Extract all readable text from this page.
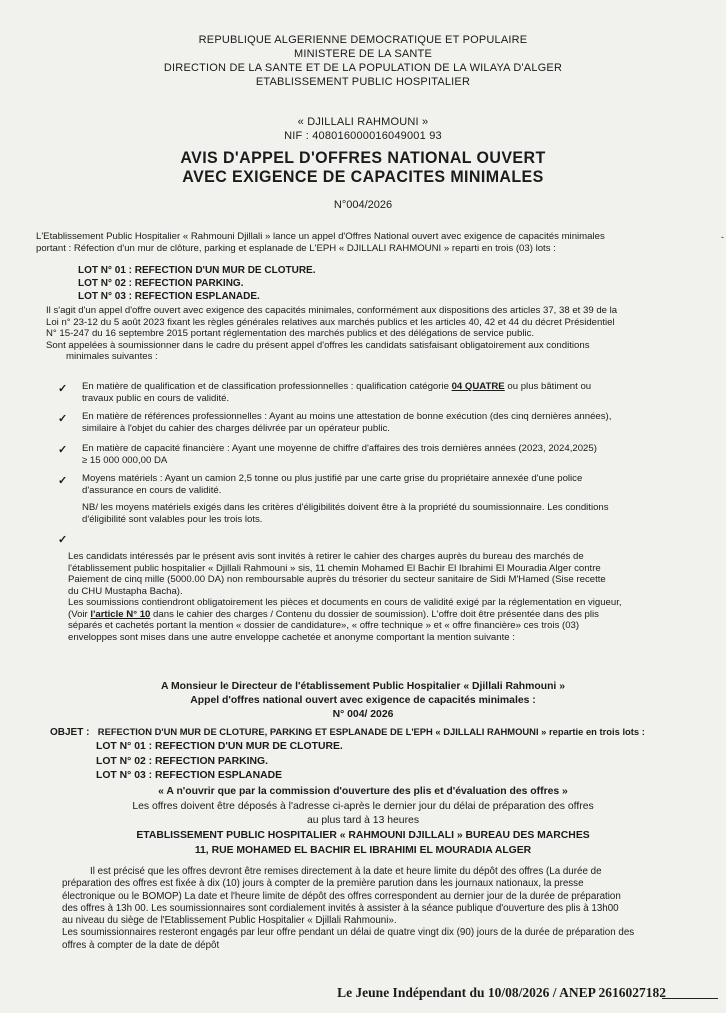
REPUBLIQUE ALGERIENNE DEMOCRATIQUE ET POPULAIRE
MINISTERE DE LA SANTE
DIRECTION DE LA SANTE ET DE LA POPULATION DE LA WILAYA D'ALGER
ETABLISSEMENT PUBLIC HOSPITALIER
« DJILLALI RAHMOUNI »
NIF : 408016000016049001 93
AVIS D'APPEL D'OFFRES NATIONAL OUVERT
AVEC EXIGENCE DE CAPACITES MINIMALES
N°004/2026
-
L'Etablissement Public Hospitalier « Rahmouni Djillali » lance un appel d'Offres National ouvert avec exigence de capacités minimales
portant : Réfection d'un mur de clôture, parking et esplanade de L'EPH « DJILLALI RAHMOUNI » reparti en trois (03) lots :
LOT N° 01 : REFECTION D'UN MUR DE CLOTURE.
LOT N° 02 : REFECTION PARKING.
LOT N° 03 : REFECTION ESPLANADE.
Il s'agit d'un appel d'offre ouvert avec exigence des capacités minimales, conformément aux dispositions des articles 37, 38 et 39 de la
Loi n° 23-12 du 5 août 2023 fixant les règles générales relatives aux marchés publics et les articles 40, 42 et 44 du décret Présidentiel
N° 15-247 du 16 septembre 2015 portant réglementation des marchés publics et des délégations de service public.
Sont appelées à soumissionner dans le cadre du présent appel d'offres les candidats satisfaisant obligatoirement aux conditions
minimales suivantes :
✓ En matière de qualification et de classification professionnelles : qualification catégorie 04 QUATRE ou plus bâtiment ou
travaux public en cours de validité.
✓ En matière de références professionnelles : Ayant au moins une attestation de bonne exécution (des cinq dernières années),
similaire à l'objet du cahier des charges délivrée par un opérateur public.
✓ En matière de capacité financière : Ayant une moyenne de chiffre d'affaires des trois dernières années (2023, 2024,2025)
≥ 15 000 000,00 DA
✓ Moyens matériels : Ayant un camion 2,5 tonne ou plus justifié par une carte grise du propriétaire annexée d'une police
d'assurance en cours de validité.
NB/ les moyens matériels exigés dans les critères d'éligibilités doivent être à la propriété du soumissionnaire. Les conditions
d'éligibilité sont valables pour les trois lots.
✓
Les candidats intéressés par le présent avis sont invités à retirer le cahier des charges auprès du bureau des marchés de
l'établissement public hospitalier « Djillali Rahmouni » sis, 11 chemin Mohamed El Bachir El Ibrahimi El Mouradia Alger contre
Paiement de cinq mille (5000.00 DA) non remboursable auprès du trésorier du secteur sanitaire de Sidi M'Hamed (Sise recette
du CHU Mustapha Bacha).
Les soumissions contiendront obligatoirement les pièces et documents en cours de validité exigé par la réglementation en vigueur,
(Voir l'article N° 10 dans le cahier des charges / Contenu du dossier de soumission). L'offre doit être présentée dans des plis
séparés et cachetés portant la mention « dossier de candidature», « offre technique » et « offre financière» ces trois (03)
enveloppes sont mises dans une autre enveloppe cachetée et anonyme comportant la mention suivante :
A Monsieur le Directeur de l'établissement Public Hospitalier « Djillali Rahmouni »
Appel d'offres national ouvert avec exigence de capacités minimales :
N° 004/ 2026
OBJET : REFECTION D'UN MUR DE CLOTURE, PARKING ET ESPLANADE DE L'EPH « DJILLALI RAHMOUNI » repartie en trois lots :
LOT N° 01 : REFECTION D'UN MUR DE CLOTURE.
LOT N° 02 : REFECTION PARKING.
LOT N° 03 : REFECTION ESPLANADE
« A n'ouvrir que par la commission d'ouverture des plis et d'évaluation des offres »
Les offres doivent être déposés à l'adresse ci-après le dernier jour du délai de préparation des offres
au plus tard à 13 heures
ETABLISSEMENT PUBLIC HOSPITALIER « RAHMOUNI DJILLALI » BUREAU DES MARCHES
11, RUE MOHAMED EL BACHIR EL IBRAHIMI EL MOURADIA ALGER
Il est précisé que les offres devront être remises directement à la date et heure limite du dépôt des offres (La durée de
préparation des offres est fixée à dix (10) jours à compter de la première parution dans les journaux nationaux, la presse
électronique ou le BOMOP) La date et l'heure limite de dépôt des offres correspondent au dernier jour de la durée de préparation
des offres à 13h 00. Les soumissionnaires sont cordialement invités à assister à la séance publique d'ouverture des plis à 13h00
au niveau du siège de l'Etablissement Public Hospitalier « Djillali Rahmouni».
Les soumissionnaires resteront engagés par leur offre pendant un délai de quatre vingt dix (90) jours de la durée de préparation des
offres à compter de la date de dépôt
Le Jeune Indépendant du 10/08/2026 / ANEP 2616027182
